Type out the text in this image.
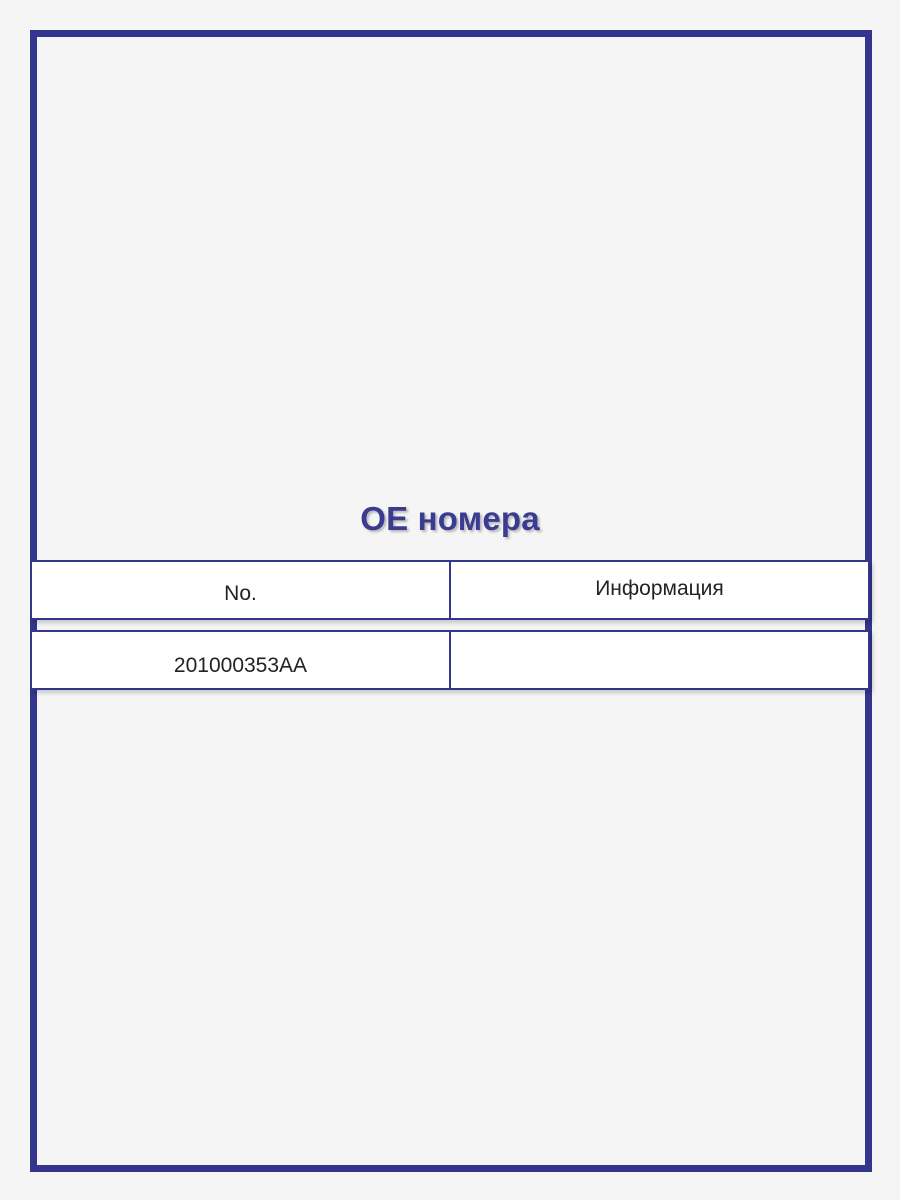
OE номера
No.	Информация
201000353AA
